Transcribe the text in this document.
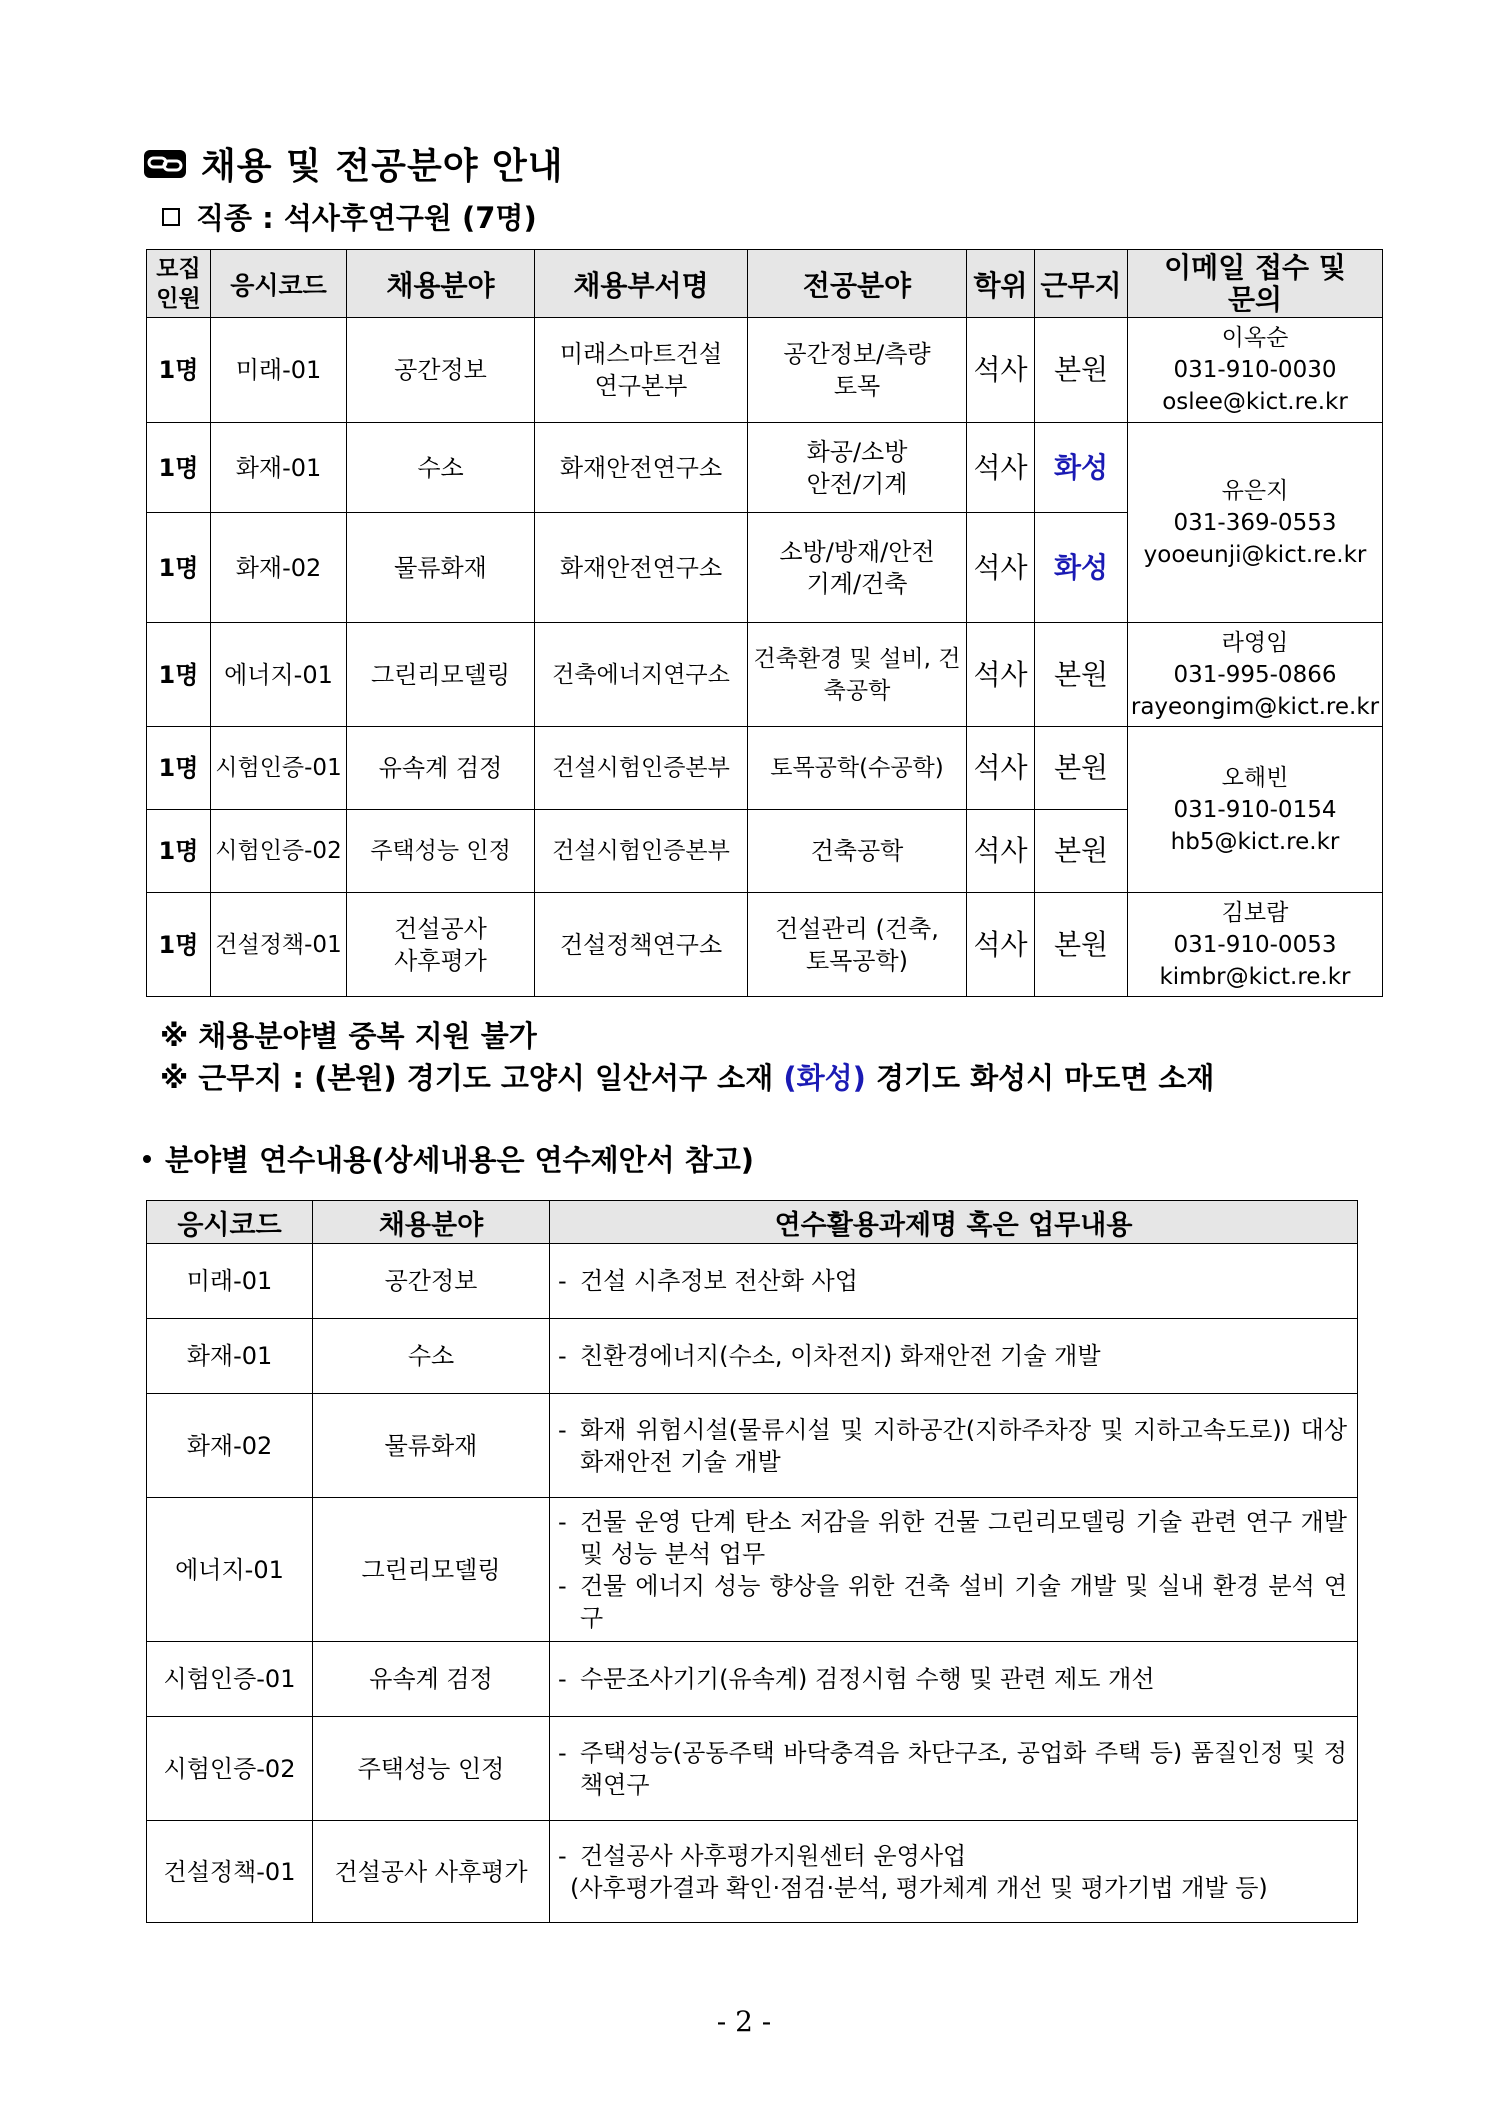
채용 및 전공분야 안내
직종 : 석사후연구원 (7명)
모집인원	응시코드	채용분야	채용부서명	전공분야	학위	근무지	이메일 접수 및 문의
1명	미래-01	공간정보	미래스마트건설 연구본부	공간정보/측량 토목	석사	본원	이옥순
031-910-0030
oslee@kict.re.kr

1명	화재-01	수소	화재안전연구소	화공/소방 안전/기계	석사	화성	유은지
031-369-0553
yooeunji@kict.re.kr

1명	화재-02	물류화재	화재안전연구소	소방/방재/안전 기계/건축	석사	화성	
1명	에너지-01	그린리모델링	건축에너지연구소	건축환경 및 설비, 건축공학	석사	본원	라영임
031-995-0866
rayeongim@kict.re.kr

1명	시험인증-01	유속계 검정	건설시험인증본부	토목공학(수공학)	석사	본원	오해빈
031-910-0154
hb5@kict.re.kr

1명	시험인증-02	주택성능 인정	건설시험인증본부	건축공학	석사	본원	
1명	건설정책-01	건설공사 사후평가	건설정책연구소	건설관리 (건축, 토목공학)	석사	본원	김보람
031-910-0053
kimbr@kict.re.kr
※ 채용분야별 중복 지원 불가
※ 근무지 : (본원) 경기도 고양시 일산서구 소재 (화성) 경기도 화성시 마도면 소재
분야별 연수내용(상세내용은 연수제안서 참고)
응시코드	채용분야	연수활용과제명 혹은 업무내용
미래-01	공간정보	- 건설 시추정보 전산화 사업

화재-01	수소	- 친환경에너지(수소, 이차전지) 화재안전 기술 개발

화재-02	물류화재	- 화재 위험시설(물류시설 및 지하공간(지하주차장 및 지하고속도로)) 대상 화재안전 기술 개발

에너지-01	그린리모델링	- 건물 운영 단계 탄소 저감을 위한 건물 그린리모델링 기술 관련 연구 개발 및 성능 분석 업무
- 건물 에너지 성능 향상을 위한 건축 설비 기술 개발 및 실내 환경 분석 연구

시험인증-01	유속계 검정	- 수문조사기기(유속계) 검정시험 수행 및 관련 제도 개선

시험인증-02	주택성능 인정	- 주택성능(공동주택 바닥충격음 차단구조, 공업화 주택 등) 품질인정 및 정책연구

건설정책-01	건설공사 사후평가	- 건설공사 사후평가지원센터 운영사업
(사후평가결과 확인·점검·분석, 평가체계 개선 및 평가기법 개발 등)
- 2 -
